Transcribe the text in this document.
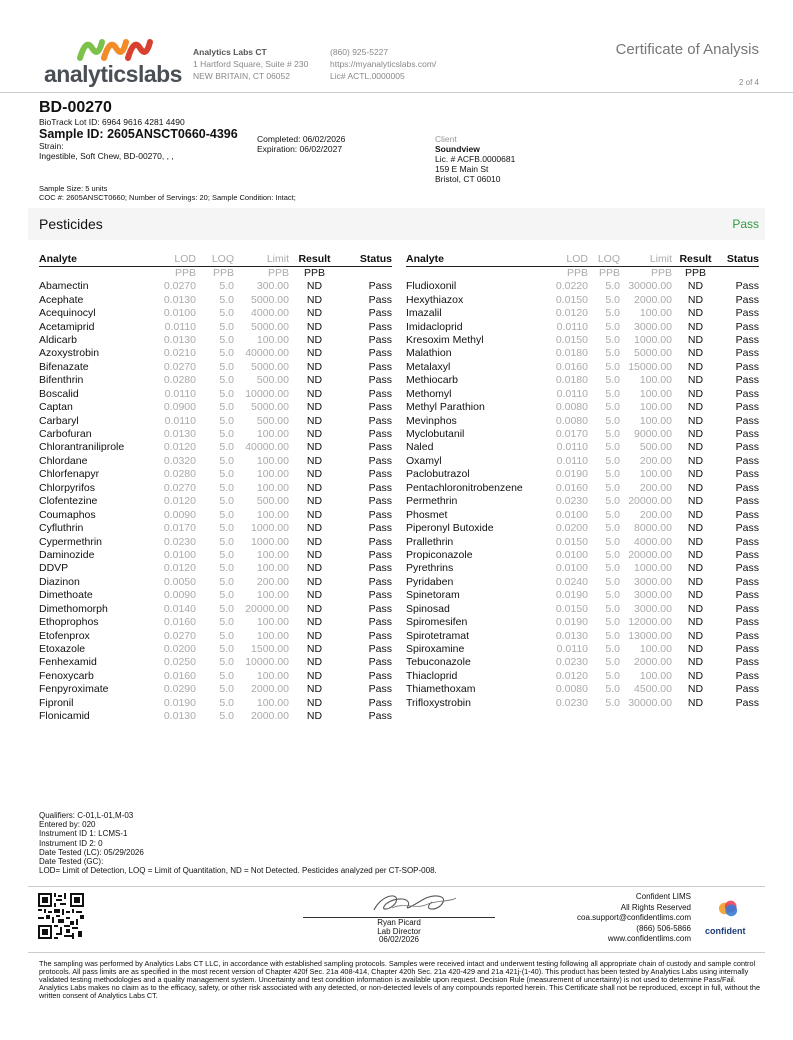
analyticslabs
Analytics Labs CT
1 Hartford Square, Suite # 230
NEW BRITAIN, CT 06052
(860) 925-5227
https://myanalyticslabs.com/
Lic# ACTL.0000005
Certificate of Analysis
2 of 4
BD-00270
BioTrack Lot ID: 6964 9616 4281 4490
Sample ID: 2605ANSCT0660-4396
Strain:
Ingestible, Soft Chew, BD-00270, , ,
Completed: 06/02/2026
Expiration: 06/02/2027
Client
Soundview
Lic. # ACFB.0000681
159 E Main St
Bristol, CT 06010
Sample Size: 5 units
COC #: 2605ANSCT0660; Number of Servings: 20; Sample Condition: Intact;
Pesticides	Pass
Analyte	LOD	LOQ	Limit	Result	Status
	PPB	PPB	PPB	PPB	
Abamectin	0.0270	5.0	300.00	ND	Pass
Acephate	0.0130	5.0	5000.00	ND	Pass
Acequinocyl	0.0100	5.0	4000.00	ND	Pass
Acetamiprid	0.0110	5.0	5000.00	ND	Pass
Aldicarb	0.0130	5.0	100.00	ND	Pass
Azoxystrobin	0.0210	5.0	40000.00	ND	Pass
Bifenazate	0.0270	5.0	5000.00	ND	Pass
Bifenthrin	0.0280	5.0	500.00	ND	Pass
Boscalid	0.0110	5.0	10000.00	ND	Pass
Captan	0.0900	5.0	5000.00	ND	Pass
Carbaryl	0.0110	5.0	500.00	ND	Pass
Carbofuran	0.0130	5.0	100.00	ND	Pass
Chlorantraniliprole	0.0120	5.0	40000.00	ND	Pass
Chlordane	0.0320	5.0	100.00	ND	Pass
Chlorfenapyr	0.0280	5.0	100.00	ND	Pass
Chlorpyrifos	0.0270	5.0	100.00	ND	Pass
Clofentezine	0.0120	5.0	500.00	ND	Pass
Coumaphos	0.0090	5.0	100.00	ND	Pass
Cyfluthrin	0.0170	5.0	1000.00	ND	Pass
Cypermethrin	0.0230	5.0	1000.00	ND	Pass
Daminozide	0.0100	5.0	100.00	ND	Pass
DDVP	0.0120	5.0	100.00	ND	Pass
Diazinon	0.0050	5.0	200.00	ND	Pass
Dimethoate	0.0090	5.0	100.00	ND	Pass
Dimethomorph	0.0140	5.0	20000.00	ND	Pass
Ethoprophos	0.0160	5.0	100.00	ND	Pass
Etofenprox	0.0270	5.0	100.00	ND	Pass
Etoxazole	0.0200	5.0	1500.00	ND	Pass
Fenhexamid	0.0250	5.0	10000.00	ND	Pass
Fenoxycarb	0.0160	5.0	100.00	ND	Pass
Fenpyroximate	0.0290	5.0	2000.00	ND	Pass
Fipronil	0.0190	5.0	100.00	ND	Pass
Flonicamid	0.0130	5.0	2000.00	ND	Pass
Analyte	LOD	LOQ	Limit	Result	Status
	PPB	PPB	PPB	PPB	
Fludioxonil	0.0220	5.0	30000.00	ND	Pass
Hexythiazox	0.0150	5.0	2000.00	ND	Pass
Imazalil	0.0120	5.0	100.00	ND	Pass
Imidacloprid	0.0110	5.0	3000.00	ND	Pass
Kresoxim Methyl	0.0150	5.0	1000.00	ND	Pass
Malathion	0.0180	5.0	5000.00	ND	Pass
Metalaxyl	0.0160	5.0	15000.00	ND	Pass
Methiocarb	0.0180	5.0	100.00	ND	Pass
Methomyl	0.0110	5.0	100.00	ND	Pass
Methyl Parathion	0.0080	5.0	100.00	ND	Pass
Mevinphos	0.0080	5.0	100.00	ND	Pass
Myclobutanil	0.0170	5.0	9000.00	ND	Pass
Naled	0.0110	5.0	500.00	ND	Pass
Oxamyl	0.0110	5.0	200.00	ND	Pass
Paclobutrazol	0.0190	5.0	100.00	ND	Pass
Pentachloronitrobenzene	0.0160	5.0	200.00	ND	Pass
Permethrin	0.0230	5.0	20000.00	ND	Pass
Phosmet	0.0100	5.0	200.00	ND	Pass
Piperonyl Butoxide	0.0200	5.0	8000.00	ND	Pass
Prallethrin	0.0150	5.0	4000.00	ND	Pass
Propiconazole	0.0100	5.0	20000.00	ND	Pass
Pyrethrins	0.0100	5.0	1000.00	ND	Pass
Pyridaben	0.0240	5.0	3000.00	ND	Pass
Spinetoram	0.0190	5.0	3000.00	ND	Pass
Spinosad	0.0150	5.0	3000.00	ND	Pass
Spiromesifen	0.0190	5.0	12000.00	ND	Pass
Spirotetramat	0.0130	5.0	13000.00	ND	Pass
Spiroxamine	0.0110	5.0	100.00	ND	Pass
Tebuconazole	0.0230	5.0	2000.00	ND	Pass
Thiacloprid	0.0120	5.0	100.00	ND	Pass
Thiamethoxam	0.0080	5.0	4500.00	ND	Pass
Trifloxystrobin	0.0230	5.0	30000.00	ND	Pass
Qualifiers: C-01,L-01,M-03
Entered by: 020
Instrument ID 1: LCMS-1
Instrument ID 2: 0
Date Tested (LC): 05/29/2026
Date Tested (GC):
LOD= Limit of Detection, LOQ = Limit of Quantitation, ND = Not Detected. Pesticides analyzed per CT-SOP-008.
Ryan Picard
Lab Director
06/02/2026
Confident LIMS
All Rights Reserved
coa.support@confidentlims.com
(866) 506-5866
www.confidentlims.com
confident
The sampling was performed by Analytics Labs CT LLC, in accordance with established sampling protocols. Samples were received intact and underwent testing following all appropriate chain of custody and sample control protocols. All pass limits are as specified in the most recent version of Chapter 420f Sec. 21a 408-414, Chapter 420h Sec. 21a 420-429 and 21a 421j-(1-40). This product has been tested by Analytics Labs using internally validated testing methodologies and a quality management system. Uncertainty and test condition information is available upon request. Decision Rule (measurement of uncertainty) is not used to determine Pass/Fail. Analytics Labs makes no claim as to the efficacy, safety, or other risk associated with any detected, or non-detected levels of any compounds reported herein. This Certificate shall not be reproduced, except in full, without the written consent of Analytics Labs CT.
